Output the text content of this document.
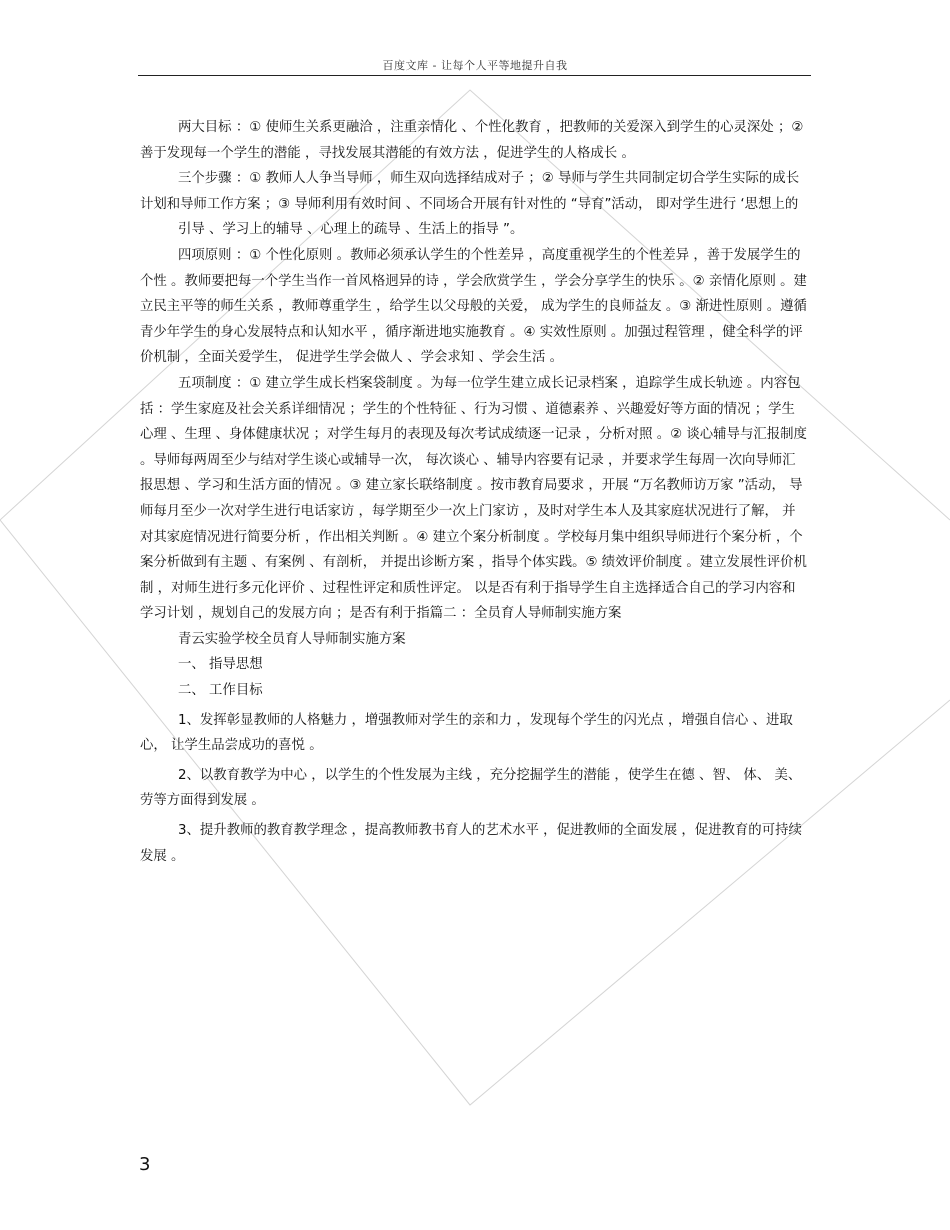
百度文库 - 让每个人平等地提升自我

两大目标 ：① 使师生关系更融洽 ，注重亲情化 、个性化教育 ，把教师的关爱深入到学生的心灵深处 ；② 善于发现每一个学生的潜能 ，寻找发展其潜能的有效方法 ，促进学生的人格成长 。

三个步骤 ：① 教师人人争当导师 ，师生双向选择结成对子 ；② 导师与学生共同制定切合学生实际的成长计划和导师工作方案 ；③ 导师利用有效时间 、不同场合开展有针对性的 “导育”活动， 即对学生进行 ‘思想上的

引导 、学习上的辅导 、心理上的疏导 、生活上的指导 ”。

四项原则 ：① 个性化原则 。教师必须承认学生的个性差异 ，高度重视学生的个性差异 ，善于发展学生的个性 。教师要把每一个学生当作一首风格迥异的诗 ，学会欣赏学生 ，学会分享学生的快乐 。② 亲情化原则 。建立民主平等的师生关系 ，教师尊重学生 ，给学生以父母般的关爱， 成为学生的良师益友 。③ 渐进性原则 。遵循青少年学生的身心发展特点和认知水平 ，循序渐进地实施教育 。④ 实效性原则 。加强过程管理 ，健全科学的评价机制 ，全面关爱学生， 促进学生学会做人 、学会求知 、学会生活 。

五项制度 ：① 建立学生成长档案袋制度 。为每一位学生建立成长记录档案 ，追踪学生成长轨迹 。内容包括 ：学生家庭及社会关系详细情况 ；学生的个性特征 、行为习惯 、道德素养 、兴趣爱好等方面的情况 ；学生心理 、生理 、身体健康状况 ；对学生每月的表现及每次考试成绩逐一记录 ，分析对照 。② 谈心辅导与汇报制度 。导师每两周至少与结对学生谈心或辅导一次， 每次谈心 、辅导内容要有记录 ，并要求学生每周一次向导师汇报思想 、学习和生活方面的情况 。③ 建立家长联络制度 。按市教育局要求 ，开展 “万名教师访万家 ”活动， 导师每月至少一次对学生进行电话家访 ，每学期至少一次上门家访 ，及时对学生本人及其家庭状况进行了解， 并对其家庭情况进行简要分析 ，作出相关判断 。④ 建立个案分析制度 。学校每月集中组织导师进行个案分析 ，个案分析做到有主题 、有案例 、有剖析， 并提出诊断方案 ，指导个体实践。⑤ 绩效评价制度 。建立发展性评价机制 ，对师生进行多元化评价 、过程性评定和质性评定。 以是否有利于指导学生自主选择适合自己的学习内容和学习计划 ，规划自己的发展方向 ；是否有利于指篇二 ：全员育人导师制实施方案

青云实验学校全员育人导师制实施方案

一、 指导思想

二、 工作目标

1、发挥彰显教师的人格魅力 ，增强教师对学生的亲和力 ，发现每个学生的闪光点 ，增强自信心 、进取心， 让学生品尝成功的喜悦 。

2、以教育教学为中心 ，以学生的个性发展为主线 ，充分挖掘学生的潜能 ，使学生在德 、智、 体、 美、 劳等方面得到发展 。

3、提升教师的教育教学理念 ，提高教师教书育人的艺术水平 ，促进教师的全面发展 ，促进教育的可持续发展 。

3
